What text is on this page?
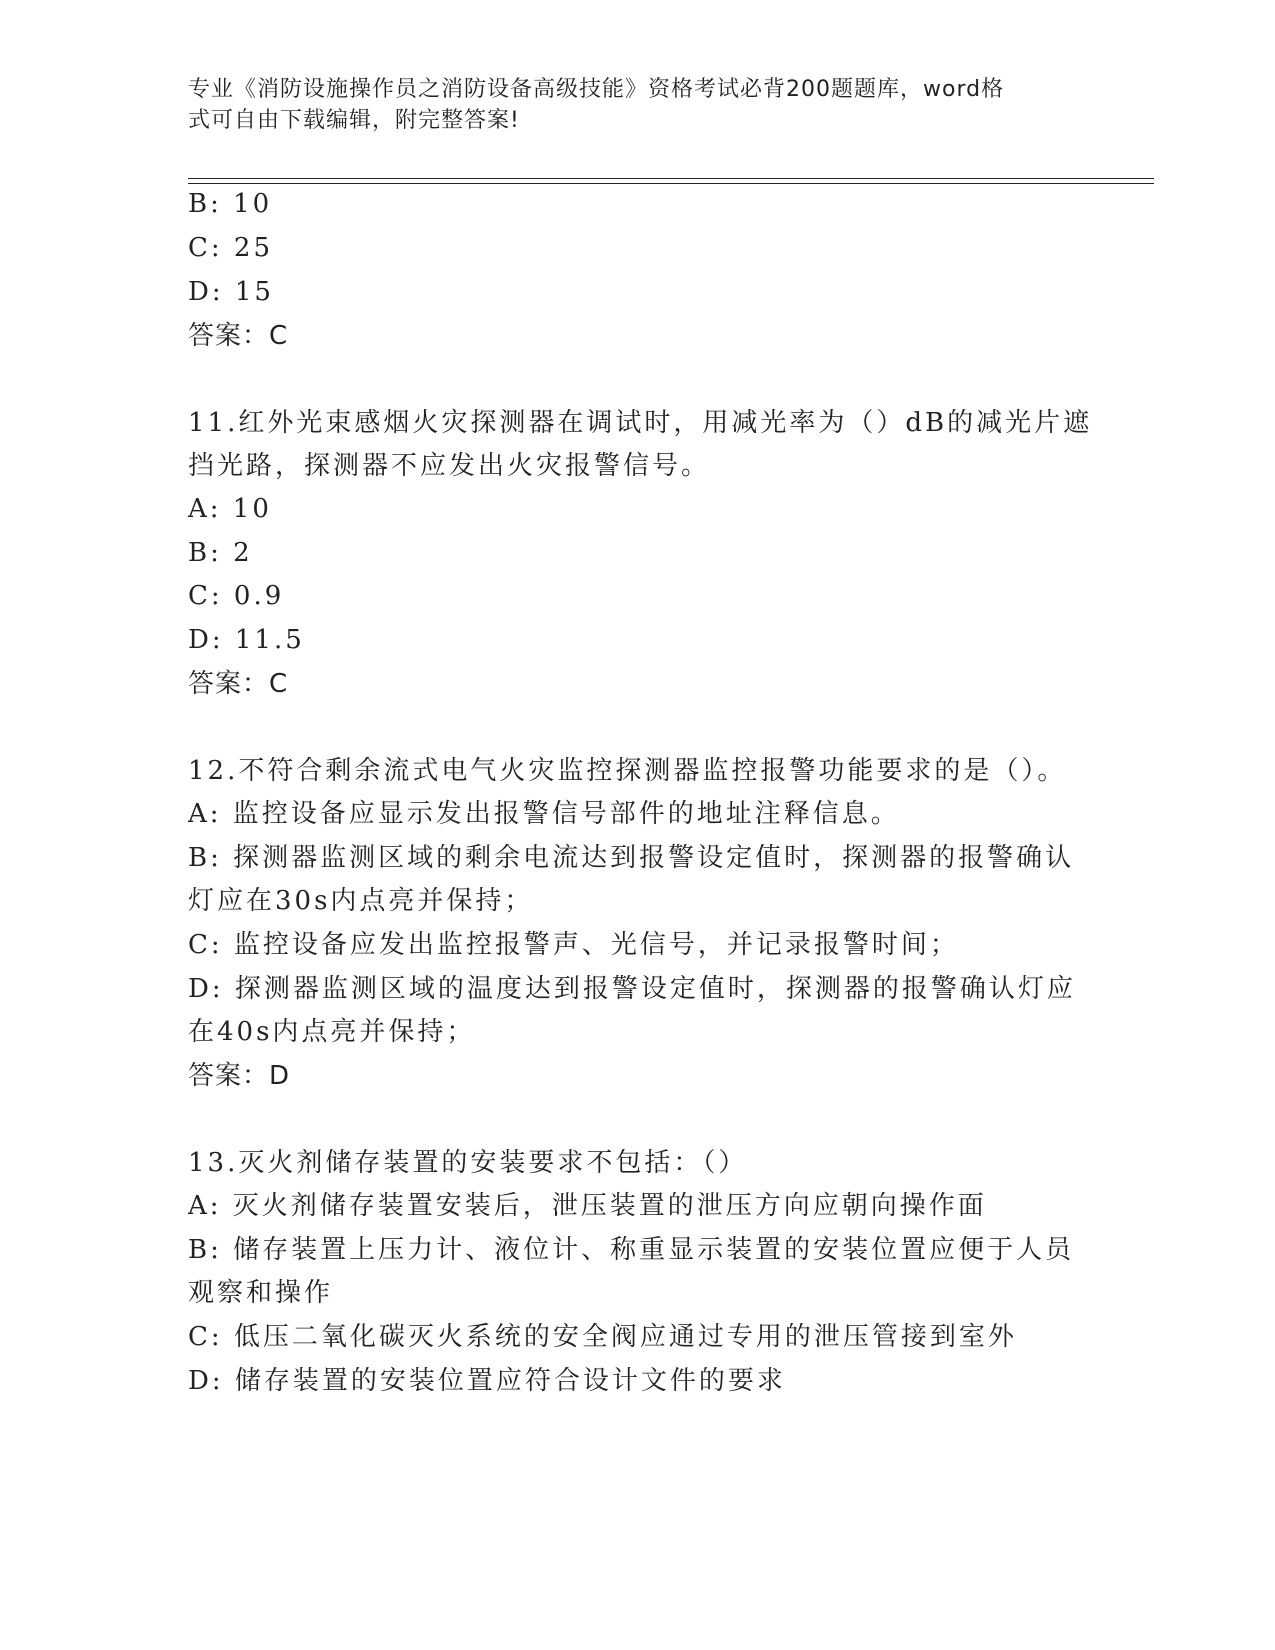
专业《消防设施操作员之消防设备高级技能》资格考试必背200题题库，word格
式可自由下载编辑，附完整答案!
B: 10
C: 25
D: 15
答案：C
11.红外光束感烟火灾探测器在调试时，用减光率为（）dB的减光片遮
挡光路，探测器不应发出火灾报警信号。
A: 10
B: 2
C: 0.9
D: 11.5
答案：C
12.不符合剩余流式电气火灾监控探测器监控报警功能要求的是（）。
A: 监控设备应显示发出报警信号部件的地址注释信息。
B: 探测器监测区域的剩余电流达到报警设定值时，探测器的报警确认
灯应在30s内点亮并保持；
C: 监控设备应发出监控报警声、光信号，并记录报警时间；
D: 探测器监测区域的温度达到报警设定值时，探测器的报警确认灯应
在40s内点亮并保持；
答案：D
13.灭火剂储存装置的安装要求不包括：（）
A: 灭火剂储存装置安装后，泄压装置的泄压方向应朝向操作面
B: 储存装置上压力计、液位计、称重显示装置的安装位置应便于人员
观察和操作
C: 低压二氧化碳灭火系统的安全阀应通过专用的泄压管接到室外
D: 储存装置的安装位置应符合设计文件的要求
